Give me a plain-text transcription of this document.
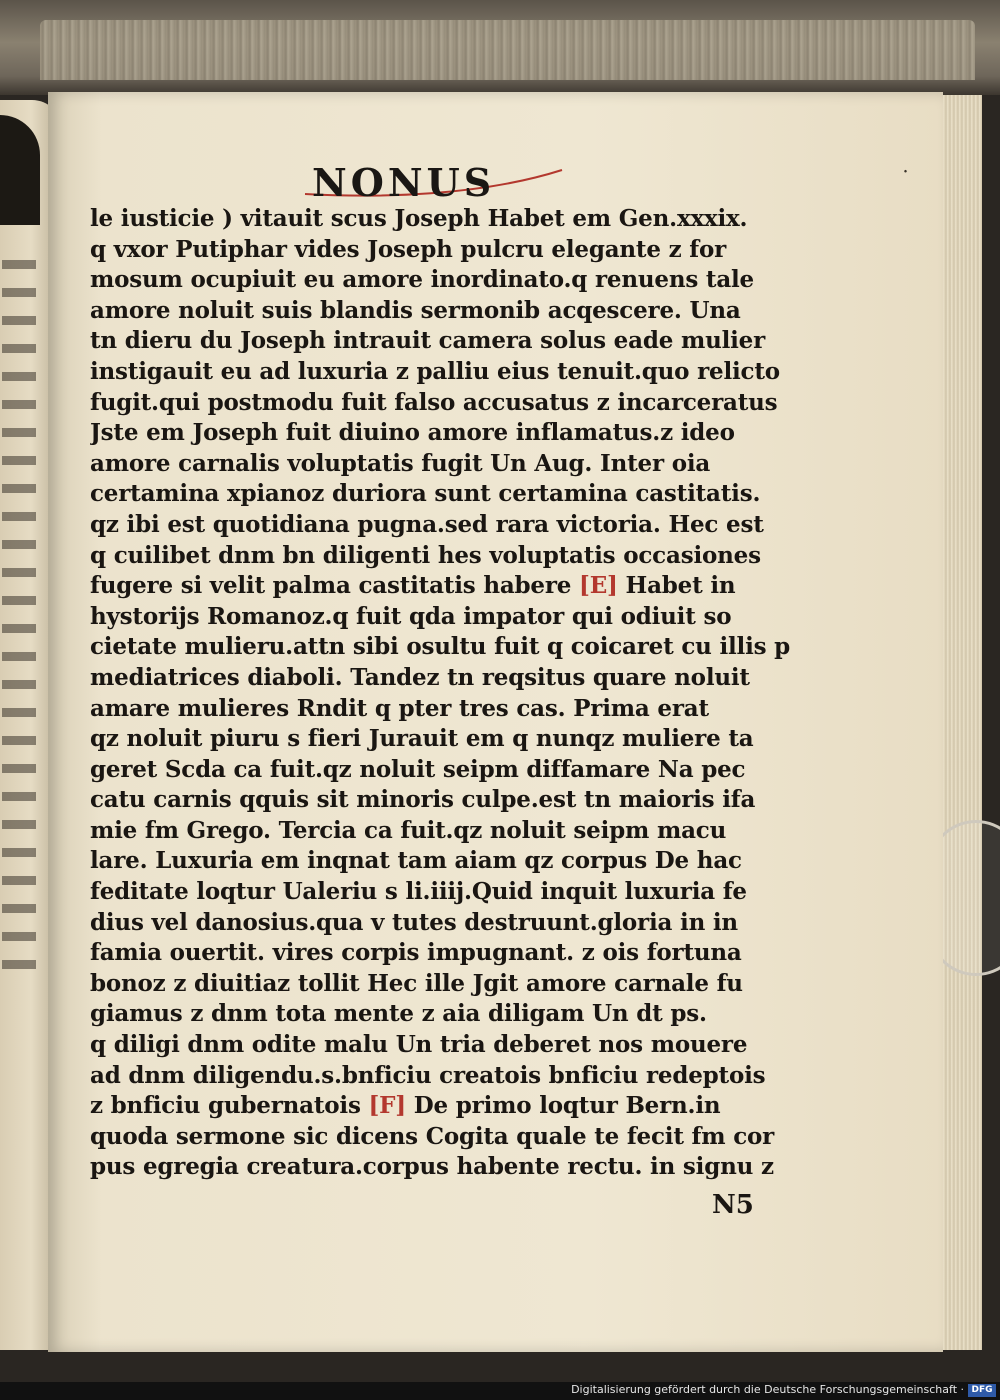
NONUS	˙
le iusticie ) vitauit scus Joseph Habet em Gen.xxxix.
q vxor Putiphar vides Joseph pulcru elegante z for
mosum ocupiuit eu amore inordinato.q renuens tale
amore noluit suis blandis sermonib acqescere. Una
tn dieru du Joseph intrauit camera solus eade mulier
instigauit eu ad luxuria z palliu eius tenuit.quo relicto
fugit.qui postmodu fuit falso accusatus z incarceratus
Jste em Joseph fuit diuino amore inflamatus.z ideo
amore carnalis voluptatis fugit Un Aug. Inter oia
certamina xpianoz duriora sunt certamina castitatis.
qz ibi est quotidiana pugna.sed rara victoria. Hec est
q cuilibet dnm bn diligenti hes voluptatis occasiones
fugere si velit palma castitatis habere [E] Habet in
hystorijs Romanoz.q fuit qda impator qui odiuit so
cietate mulieru.attn sibi osultu fuit q coicaret cu illis p
mediatrices diaboli. Tandez tn reqsitus quare noluit
amare mulieres Rndit q pter tres cas. Prima erat
qz noluit piuru s fieri Jurauit em q nunqz muliere ta
geret Scda ca fuit.qz noluit seipm diffamare Na pec
catu carnis qquis sit minoris culpe.est tn maioris ifa
mie fm Grego. Tercia ca fuit.qz noluit seipm macu
lare. Luxuria em inqnat tam aiam qz corpus De hac
feditate loqtur Ualeriu s li.iiij.Quid inquit luxuria fe
dius vel danosius.qua v tutes destruunt.gloria in in
famia ouertit. vires corpis impugnant. z ois fortuna
bonoz z diuitiaz tollit Hec ille Jgit amore carnale fu
giamus z dnm tota mente z aia diligam Un dt ps.
q diligi dnm odite malu Un tria deberet nos mouere
ad dnm diligendu.s.bnficiu creatois bnficiu redeptois
z bnficiu gubernatois [F] De primo loqtur Bern.in
quoda sermone sic dicens Cogita quale te fecit fm cor
pus egregia creatura.corpus habente rectu. in signu z
N5
Digitalisierung gefördert durch die Deutsche Forschungsgemeinschaft · DFG
